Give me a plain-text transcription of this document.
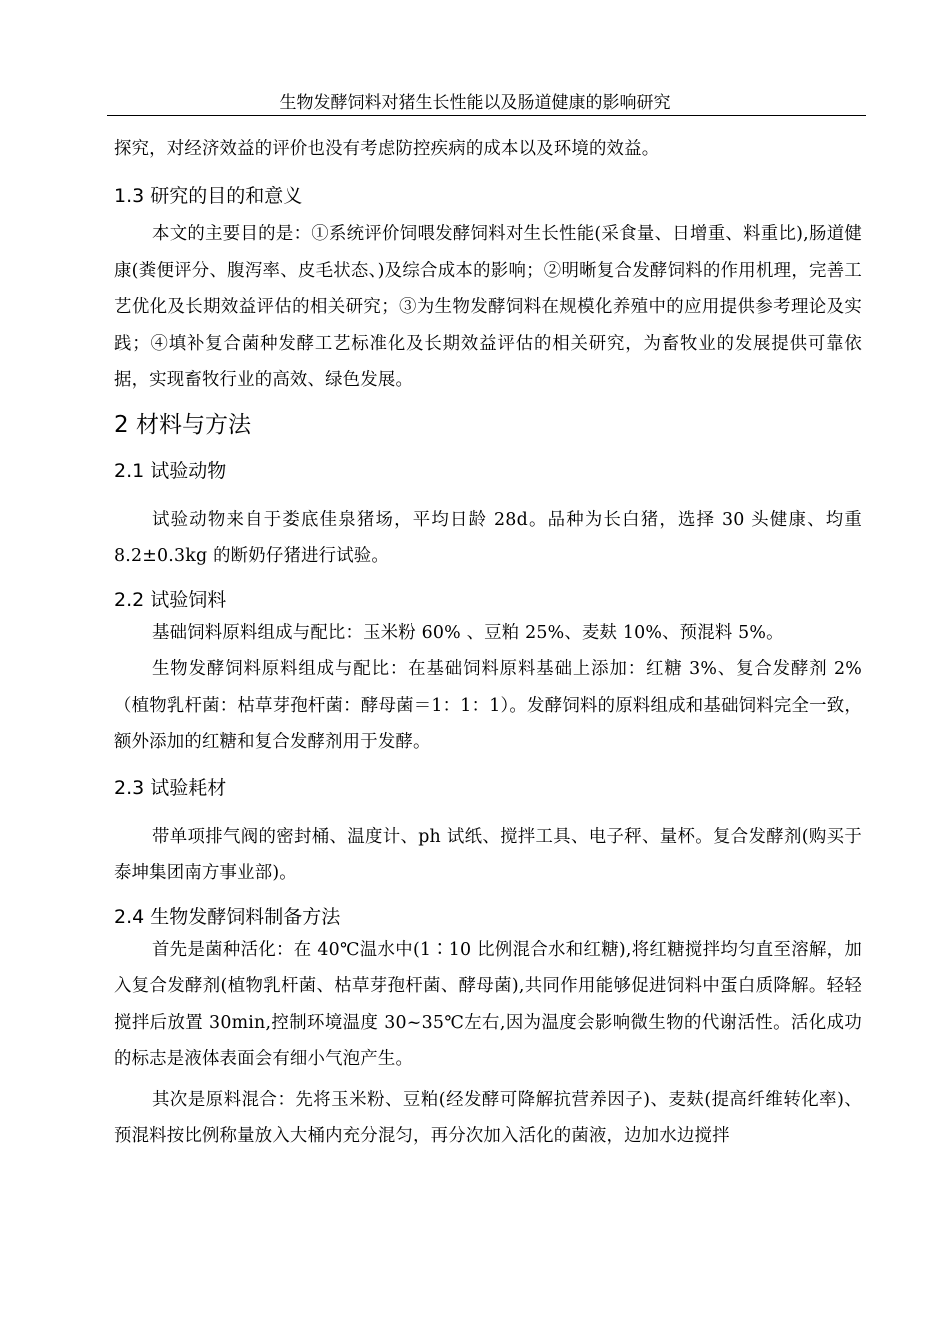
生物发酵饲料对猪生长性能以及肠道健康的影响研究

探究，对经济效益的评价也没有考虑防控疾病的成本以及环境的效益。

1.3 研究的目的和意义

本文的主要目的是：①系统评价饲喂发酵饲料对生长性能(采食量、日增重、料重比),肠道健康(粪便评分、腹泻率、皮毛状态、)及综合成本的影响；②明晰复合发酵饲料的作用机理，完善工艺优化及长期效益评估的相关研究；③为生物发酵饲料在规模化养殖中的应用提供参考理论及实践；④填补复合菌种发酵工艺标准化及长期效益评估的相关研究，为畜牧业的发展提供可靠依据，实现畜牧行业的高效、绿色发展。

2 材料与方法
2.1 试验动物

试验动物来自于娄底佳泉猪场，平均日龄 28d。品种为长白猪，选择 30 头健康、均重 8.2±0.3kg 的断奶仔猪进行试验。

2.2 试验饲料

基础饲料原料组成与配比：玉米粉 60% 、豆粕 25%、麦麸 10%、预混料 5%。

生物发酵饲料原料组成与配比：在基础饲料原料基础上添加：红糖 3%、复合发酵剂 2%（植物乳杆菌：枯草芽孢杆菌：酵母菌＝1：1：1）。发酵饲料的原料组成和基础饲料完全一致，额外添加的红糖和复合发酵剂用于发酵。

2.3 试验耗材

带单项排气阀的密封桶、温度计、ph 试纸、搅拌工具、电子秤、量杯。复合发酵剂(购买于泰坤集团南方事业部)。

2.4 生物发酵饲料制备方法

首先是菌种活化：在 40℃温水中(1∶10 比例混合水和红糖),将红糖搅拌均匀直至溶解，加入复合发酵剂(植物乳杆菌、枯草芽孢杆菌、酵母菌),共同作用能够促进饲料中蛋白质降解。轻轻搅拌后放置 30min,控制环境温度 30~35℃左右,因为温度会影响微生物的代谢活性。活化成功的标志是液体表面会有细小气泡产生。

其次是原料混合：先将玉米粉、豆粕(经发酵可降解抗营养因子)、麦麸(提高纤维转化率)、预混料按比例称量放入大桶内充分混匀，再分次加入活化的菌液，边加水边搅拌
